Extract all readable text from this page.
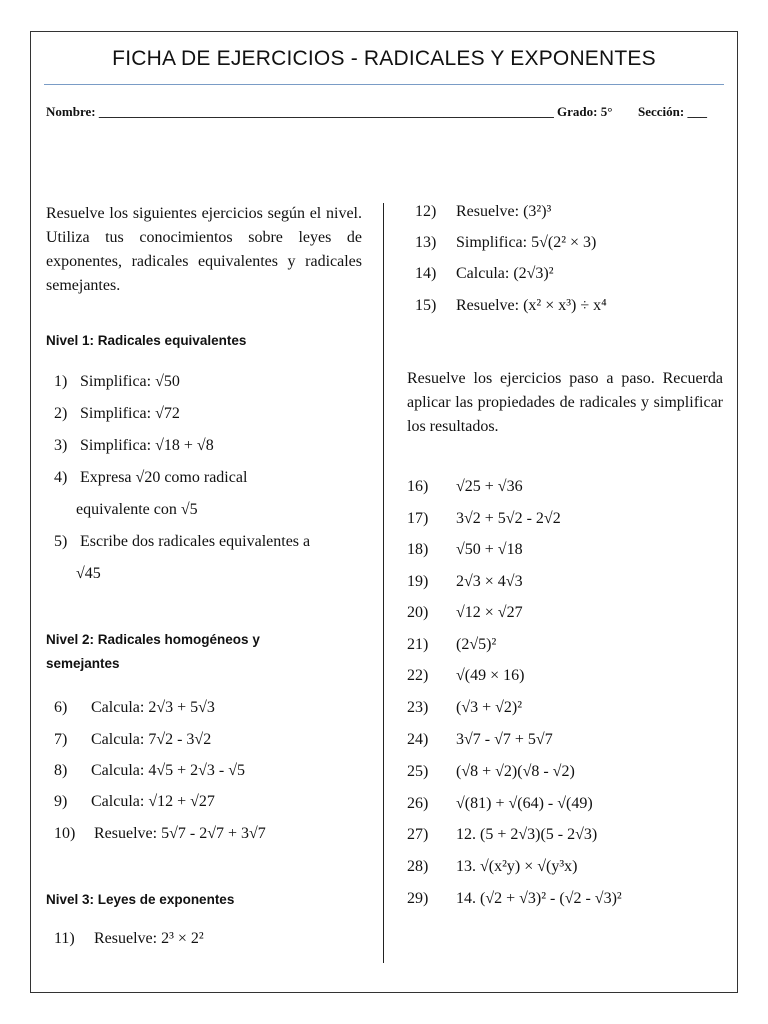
FICHA DE EJERCICIOS - RADICALES Y EXPONENTES
Nombre: ______________________________________________________________________ Grado: 5° Sección: ___
Resuelve los siguientes ejercicios según el nivel. Utiliza tus conocimientos sobre leyes de exponentes, radicales equivalentes y radicales semejantes.
Nivel 1: Radicales equivalentes
1) Simplifica: √50
2) Simplifica: √72
3) Simplifica: √18 + √8
4) Expresa √20 como radical
equivalente con √5
5) Escribe dos radicales equivalentes a
√45
Nivel 2: Radicales homogéneos y
semejantes
6) Calcula: 2√3 + 5√3
7) Calcula: 7√2 - 3√2
8) Calcula: 4√5 + 2√3 - √5
9) Calcula: √12 + √27
10) Resuelve: 5√7 - 2√7 + 3√7
Nivel 3: Leyes de exponentes
11) Resuelve: 2³ × 2²
12) Resuelve: (3²)³
13) Simplifica: 5√(2² × 3)
14) Calcula: (2√3)²
15) Resuelve: (x² × x³) ÷ x⁴
Resuelve los ejercicios paso a paso. Recuerda aplicar las propiedades de radicales y simplificar los resultados.
16) √25 + √36
17) 3√2 + 5√2 - 2√2
18) √50 + √18
19) 2√3 × 4√3
20) √12 × √27
21) (2√5)²
22) √(49 × 16)
23) (√3 + √2)²
24) 3√7 - √7 + 5√7
25) (√8 + √2)(√8 - √2)
26) √(81) + √(64) - √(49)
27) 12. (5 + 2√3)(5 - 2√3)
28) 13. √(x²y) × √(y³x)
29) 14. (√2 + √3)² - (√2 - √3)²
